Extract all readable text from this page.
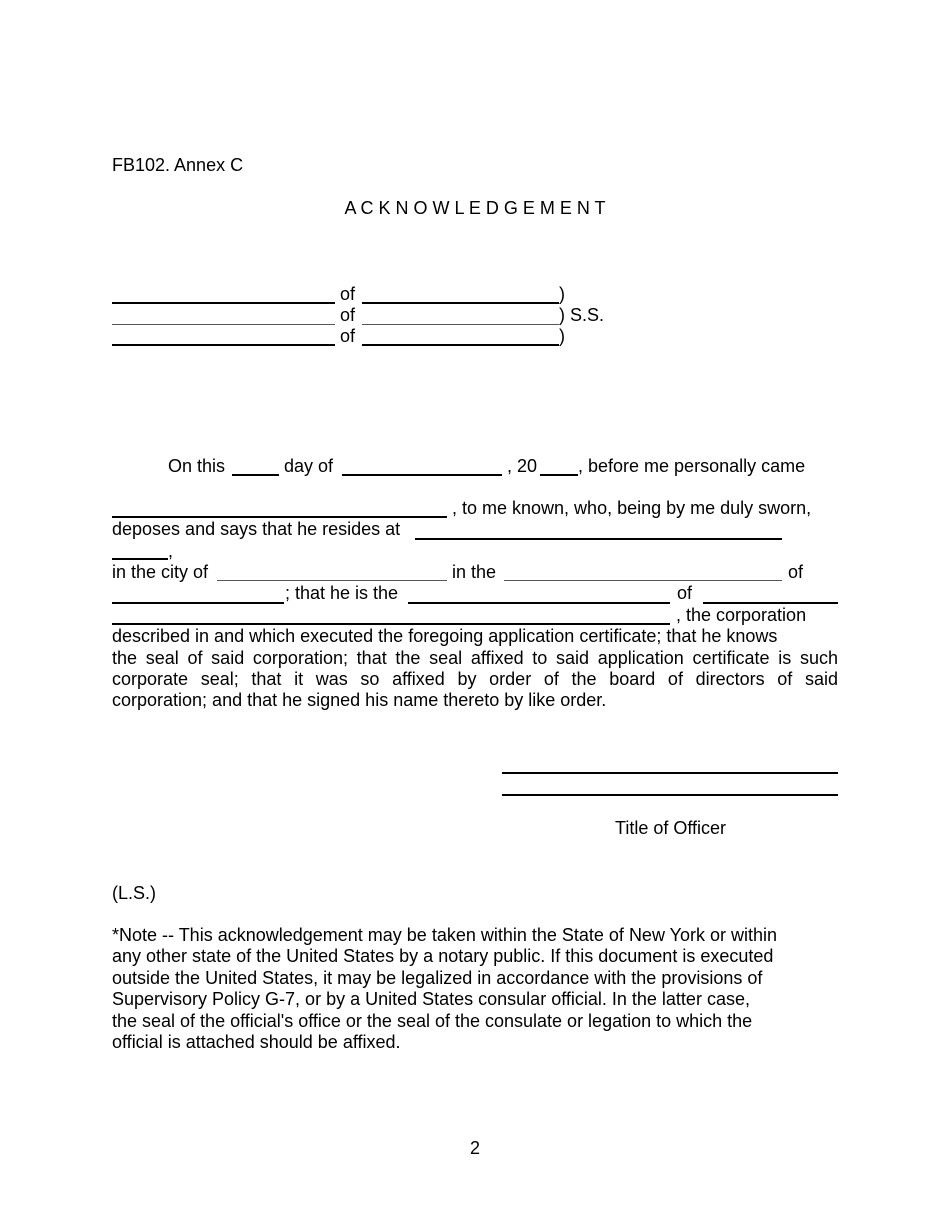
FB102. Annex C
A C K N O W L E D G E M E N T
of	)
of	) S.S.
of	)
On this	day of	, 20 , before me personally came
, to me known, who, being by me duly sworn,
deposes and says that he resides at
,
in the city of	in the	of
; that he is the	of
, the corporation
described in and which executed the foregoing application certificate; that he knows
the seal of said corporation; that the seal affixed to said application certificate is such
corporate seal; that it was so affixed by order of the board of directors of said
corporation; and that he signed his name thereto by like order.
Title of Officer
(L.S.)
*Note -- This acknowledgement may be taken within the State of New York or within
any other state of the United States by a notary public. If this document is executed
outside the United States, it may be legalized in accordance with the provisions of
Supervisory Policy G-7, or by a United States consular official. In the latter case,
the seal of the official's office or the seal of the consulate or legation to which the
official is attached should be affixed.
2
